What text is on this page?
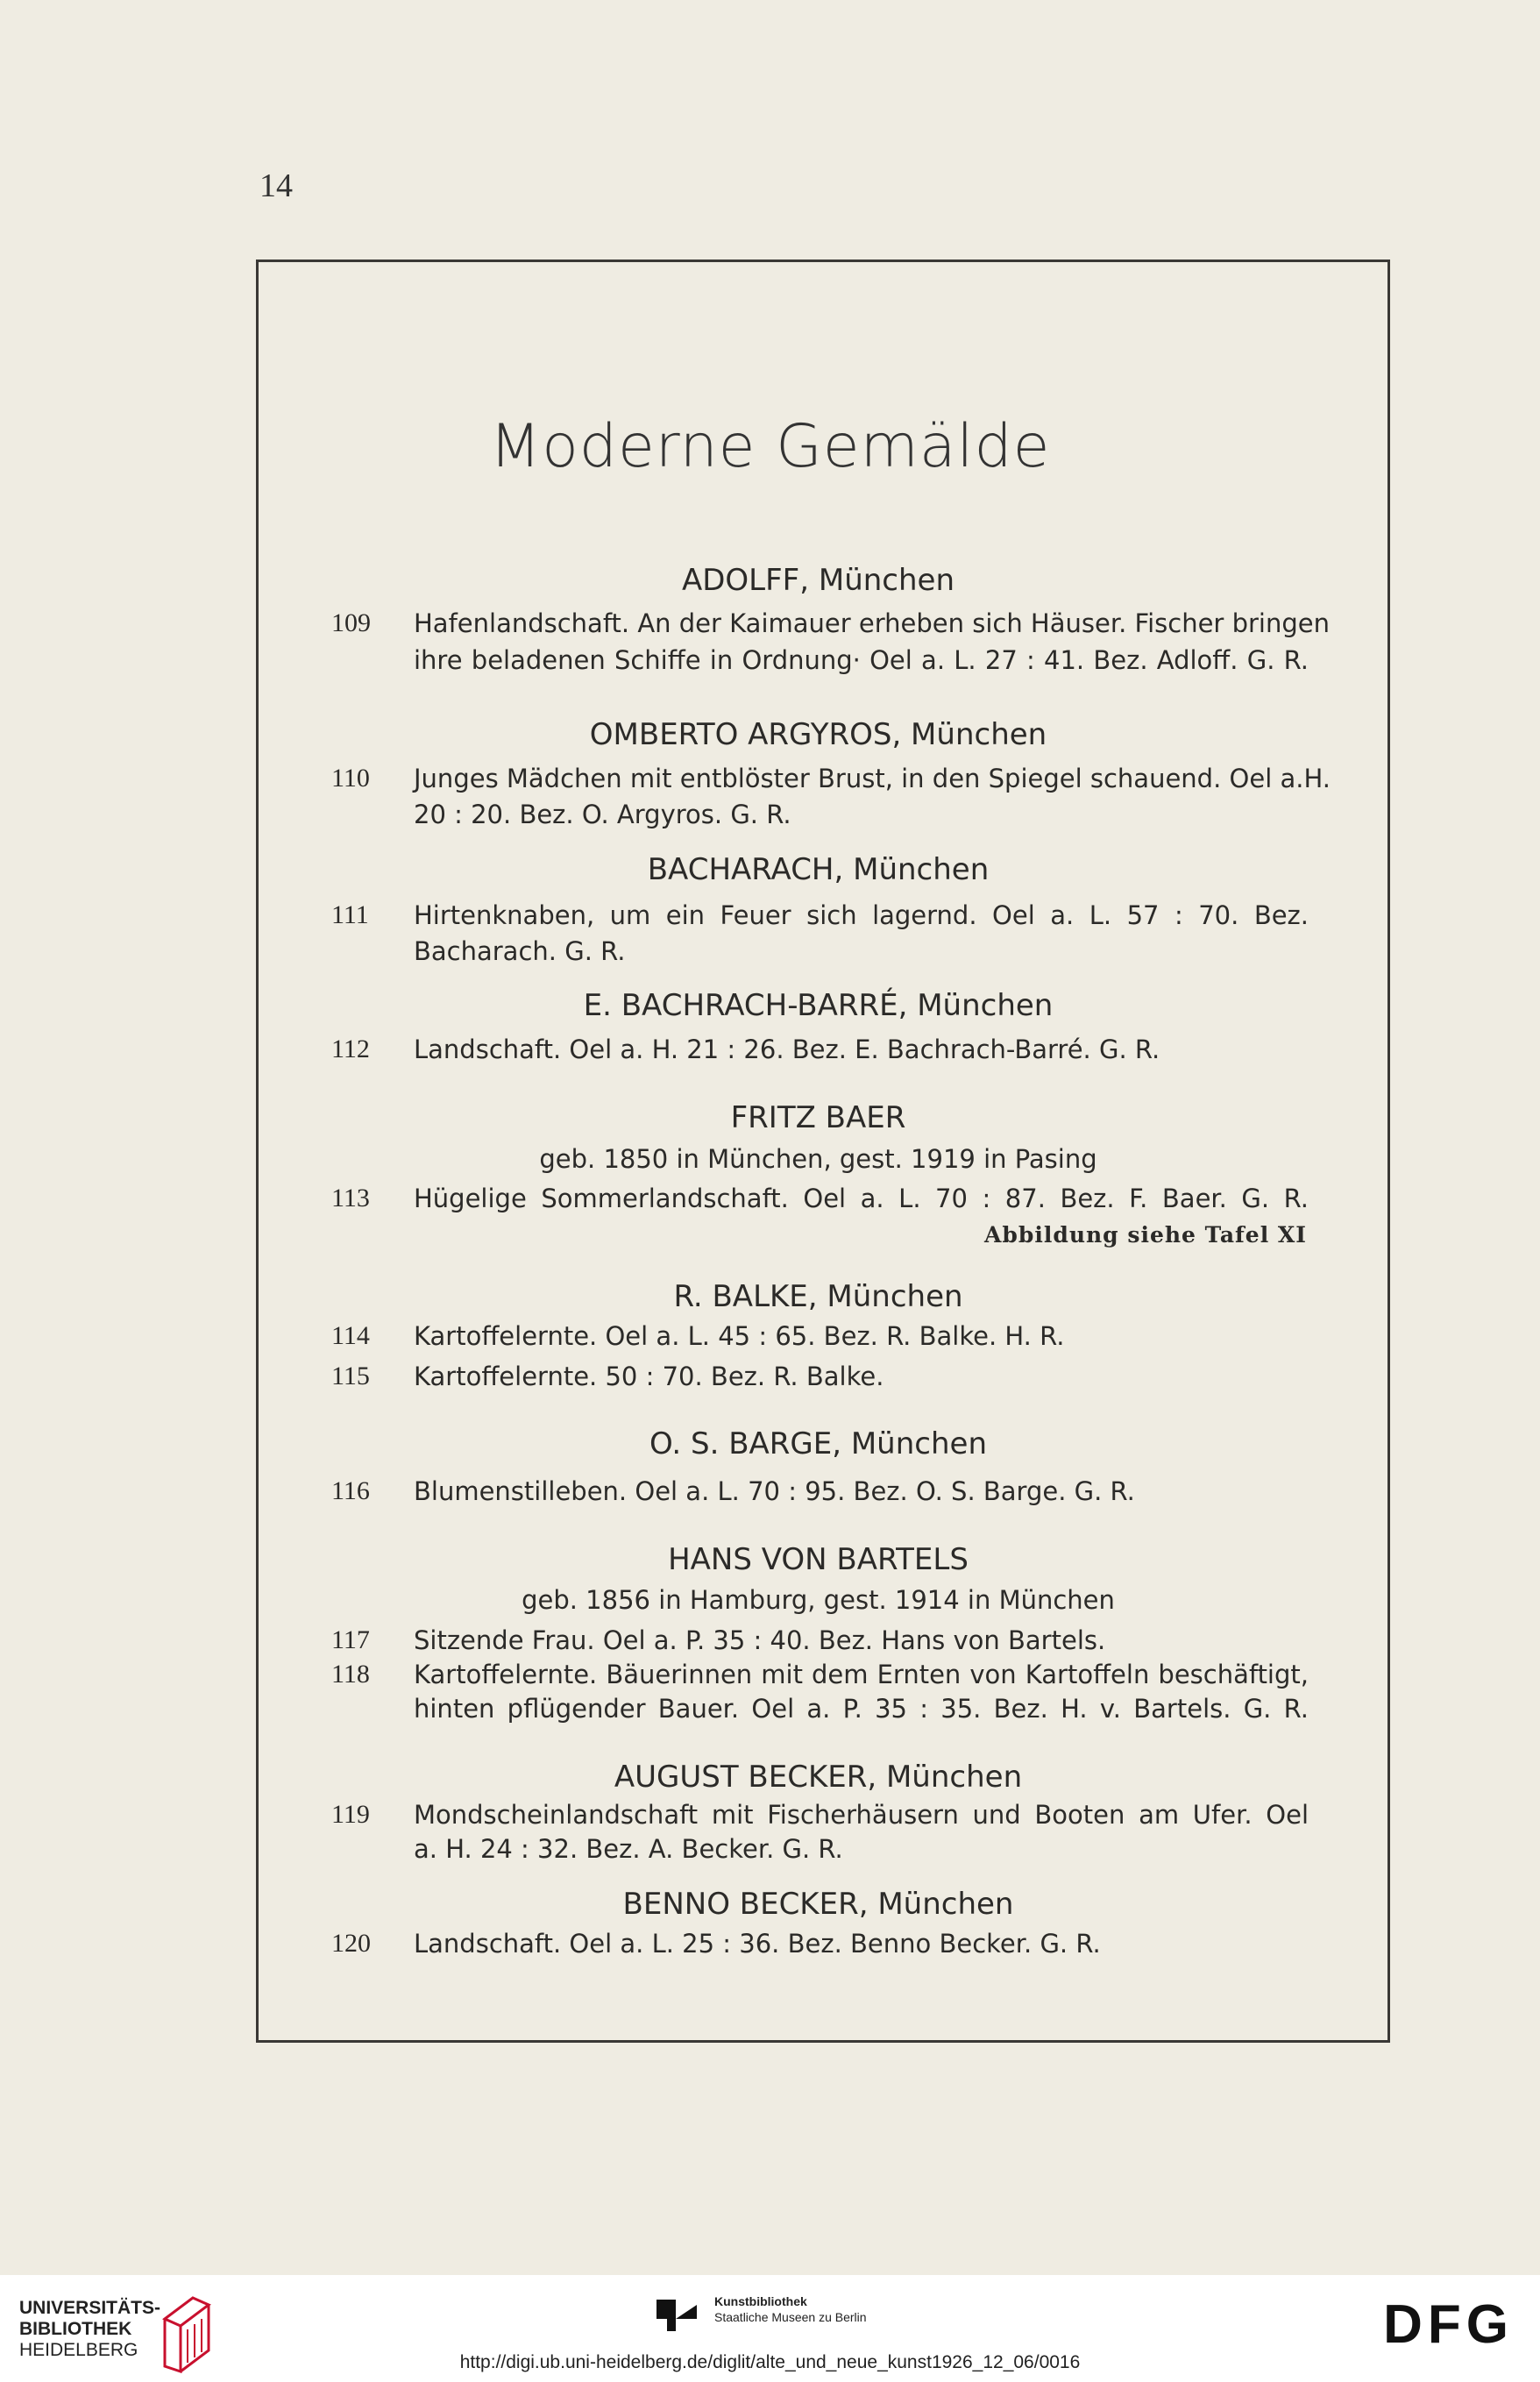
14
Moderne Gemälde
ADOLFF, München
109 Hafenlandschaft. An der Kaimauer erheben sich Häuser. Fischer bringen
ihre beladenen Schiffe in Ordnung· Oel a. L. 27 : 41. Bez. Adloff. G. R.
OMBERTO ARGYROS, München
110 Junges Mädchen mit entblöster Brust, in den Spiegel schauend. Oel a.H.
20 : 20. Bez. O. Argyros. G. R.
BACHARACH, München
111 Hirtenknaben, um ein Feuer sich lagernd. Oel a. L. 57 : 70. Bez.
Bacharach. G. R.
E. BACHRACH-BARRÉ, München
112 Landschaft. Oel a. H. 21 : 26. Bez. E. Bachrach-Barré. G. R.
FRITZ BAER
geb. 1850 in München, gest. 1919 in Pasing
113 Hügelige Sommerlandschaft. Oel a. L. 70 : 87. Bez. F. Baer. G. R.
Abbildung siehe Tafel XI
R. BALKE, München
114 Kartoffelernte. Oel a. L. 45 : 65. Bez. R. Balke. H. R.
115 Kartoffelernte. 50 : 70. Bez. R. Balke.
O. S. BARGE, München
116 Blumenstilleben. Oel a. L. 70 : 95. Bez. O. S. Barge. G. R.
HANS VON BARTELS
geb. 1856 in Hamburg, gest. 1914 in München
117 Sitzende Frau. Oel a. P. 35 : 40. Bez. Hans von Bartels.
118 Kartoffelernte. Bäuerinnen mit dem Ernten von Kartoffeln beschäftigt,
hinten pflügender Bauer. Oel a. P. 35 : 35. Bez. H. v. Bartels. G. R.
AUGUST BECKER, München
119 Mondscheinlandschaft mit Fischerhäusern und Booten am Ufer. Oel
a. H. 24 : 32. Bez. A. Becker. G. R.
BENNO BECKER, München
120 Landschaft. Oel a. L. 25 : 36. Bez. Benno Becker. G. R.
UNIVERSITÄTS-
BIBLIOTHEK
HEIDELBERG
Kunstbibliothek
Staatliche Museen zu Berlin	DFG
http://digi.ub.uni-heidelberg.de/diglit/alte_und_neue_kunst1926_12_06/0016
